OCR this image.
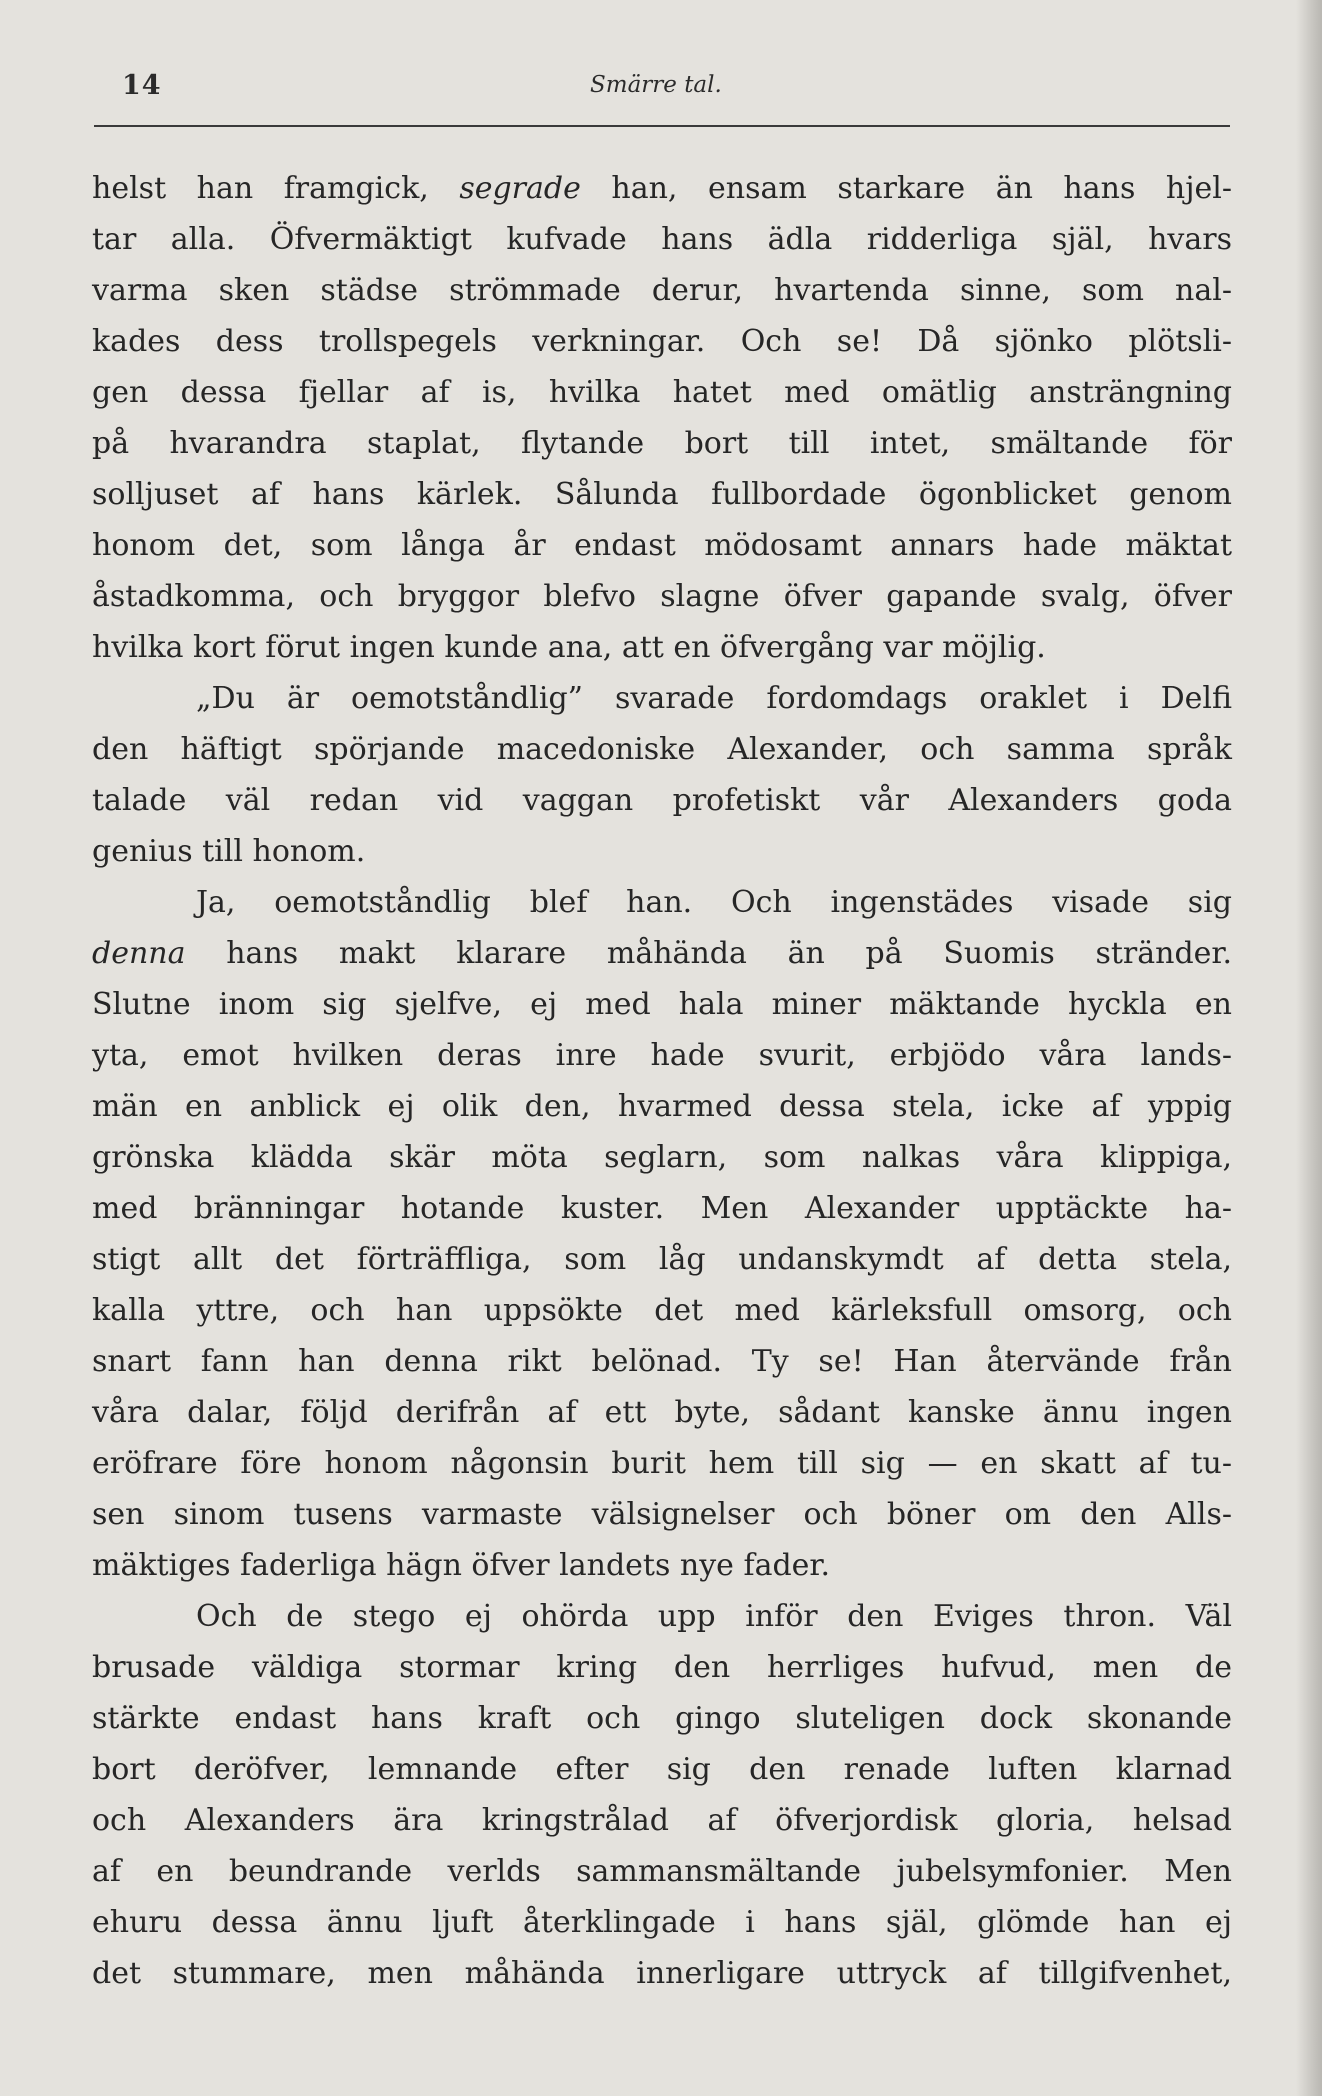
14	Smärre tal.
helst han framgick, segrade han, ensam starkare än hans hjel-
tar alla. Öfvermäktigt kufvade hans ädla ridderliga själ, hvars
varma sken städse strömmade derur, hvartenda sinne, som nal-
kades dess trollspegels verkningar. Och se! Då sjönko plötsli-
gen dessa fjellar af is, hvilka hatet med omätlig ansträngning
på hvarandra staplat, flytande bort till intet, smältande för
solljuset af hans kärlek. Sålunda fullbordade ögonblicket genom
honom det, som långa år endast mödosamt annars hade mäktat
åstadkomma, och bryggor blefvo slagne öfver gapande svalg, öfver
hvilka kort förut ingen kunde ana, att en öfvergång var möjlig.
„Du är oemotståndlig” svarade fordomdags oraklet i Delfi
den häftigt spörjande macedoniske Alexander, och samma språk
talade väl redan vid vaggan profetiskt vår Alexanders goda
genius till honom.
Ja, oemotståndlig blef han. Och ingenstädes visade sig
denna hans makt klarare måhända än på Suomis stränder.
Slutne inom sig sjelfve, ej med hala miner mäktande hyckla en
yta, emot hvilken deras inre hade svurit, erbjödo våra lands-
män en anblick ej olik den, hvarmed dessa stela, icke af yppig
grönska klädda skär möta seglarn, som nalkas våra klippiga,
med bränningar hotande kuster. Men Alexander upptäckte ha-
stigt allt det förträffliga, som låg undanskymdt af detta stela,
kalla yttre, och han uppsökte det med kärleksfull omsorg, och
snart fann han denna rikt belönad. Ty se! Han återvände från
våra dalar, följd derifrån af ett byte, sådant kanske ännu ingen
eröfrare före honom någonsin burit hem till sig — en skatt af tu-
sen sinom tusens varmaste välsignelser och böner om den Alls-
mäktiges faderliga hägn öfver landets nye fader.
Och de stego ej ohörda upp inför den Eviges thron. Väl
brusade väldiga stormar kring den herrliges hufvud, men de
stärkte endast hans kraft och gingo sluteligen dock skonande
bort deröfver, lemnande efter sig den renade luften klarnad
och Alexanders ära kringstrålad af öfverjordisk gloria, helsad
af en beundrande verlds sammansmältande jubelsymfonier. Men
ehuru dessa ännu ljuft återklingade i hans själ, glömde han ej
det stummare, men måhända innerligare uttryck af tillgifvenhet,
